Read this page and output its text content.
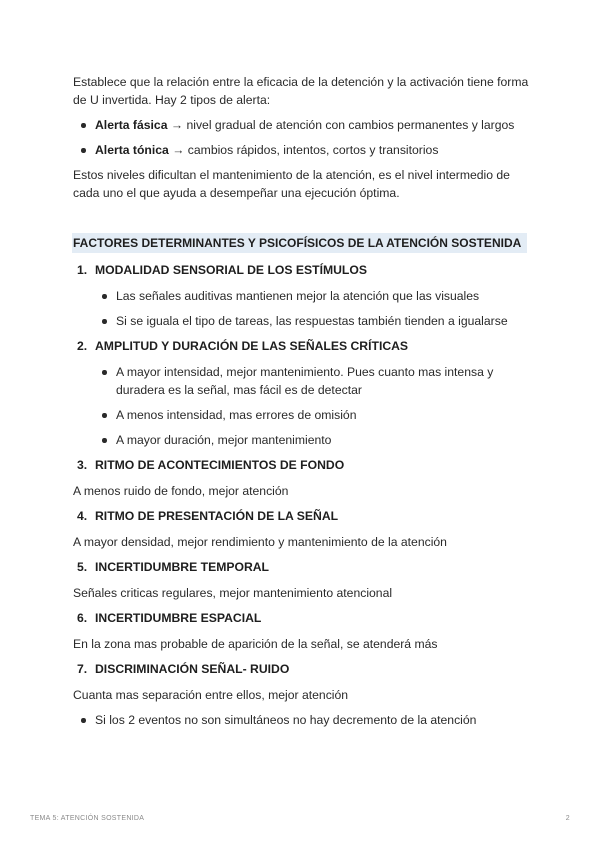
Establece que la relación entre la eficacia de la detención y la activación tiene forma de U invertida. Hay 2 tipos de alerta:

Alerta fásica → nivel gradual de atención con cambios permanentes y largos
Alerta tónica → cambios rápidos, intentos, cortos y transitorios

Estos niveles dificultan el mantenimiento de la atención, es el nivel intermedio de cada uno el que ayuda a desempeñar una ejecución óptima.

FACTORES DETERMINANTES Y PSICOFÍSICOS DE LA ATENCIÓN SOSTENIDA
1. MODALIDAD SENSORIAL DE LOS ESTÍMULOS
Las señales auditivas mantienen mejor la atención que las visuales
Si se iguala el tipo de tareas, las respuestas también tienden a igualarse
2. AMPLITUD Y DURACIÓN DE LAS SEÑALES CRÍTICAS
A mayor intensidad, mejor mantenimiento. Pues cuanto mas intensa y duradera es la señal, mas fácil es de detectar
A menos intensidad, mas errores de omisión
A mayor duración, mejor mantenimiento
3. RITMO DE ACONTECIMIENTOS DE FONDO

A menos ruido de fondo, mejor atención

4. RITMO DE PRESENTACIÓN DE LA SEÑAL

A mayor densidad, mejor rendimiento y mantenimiento de la atención

5. INCERTIDUMBRE TEMPORAL

Señales criticas regulares, mejor mantenimiento atencional

6. INCERTIDUMBRE ESPACIAL

En la zona mas probable de aparición de la señal, se atenderá más

7. DISCRIMINACIÓN SEÑAL- RUIDO

Cuanta mas separación entre ellos, mejor atención

Si los 2 eventos no son simultáneos no hay decremento de la atención
TEMA 5: ATENCIÓN SOSTENIDA	2
